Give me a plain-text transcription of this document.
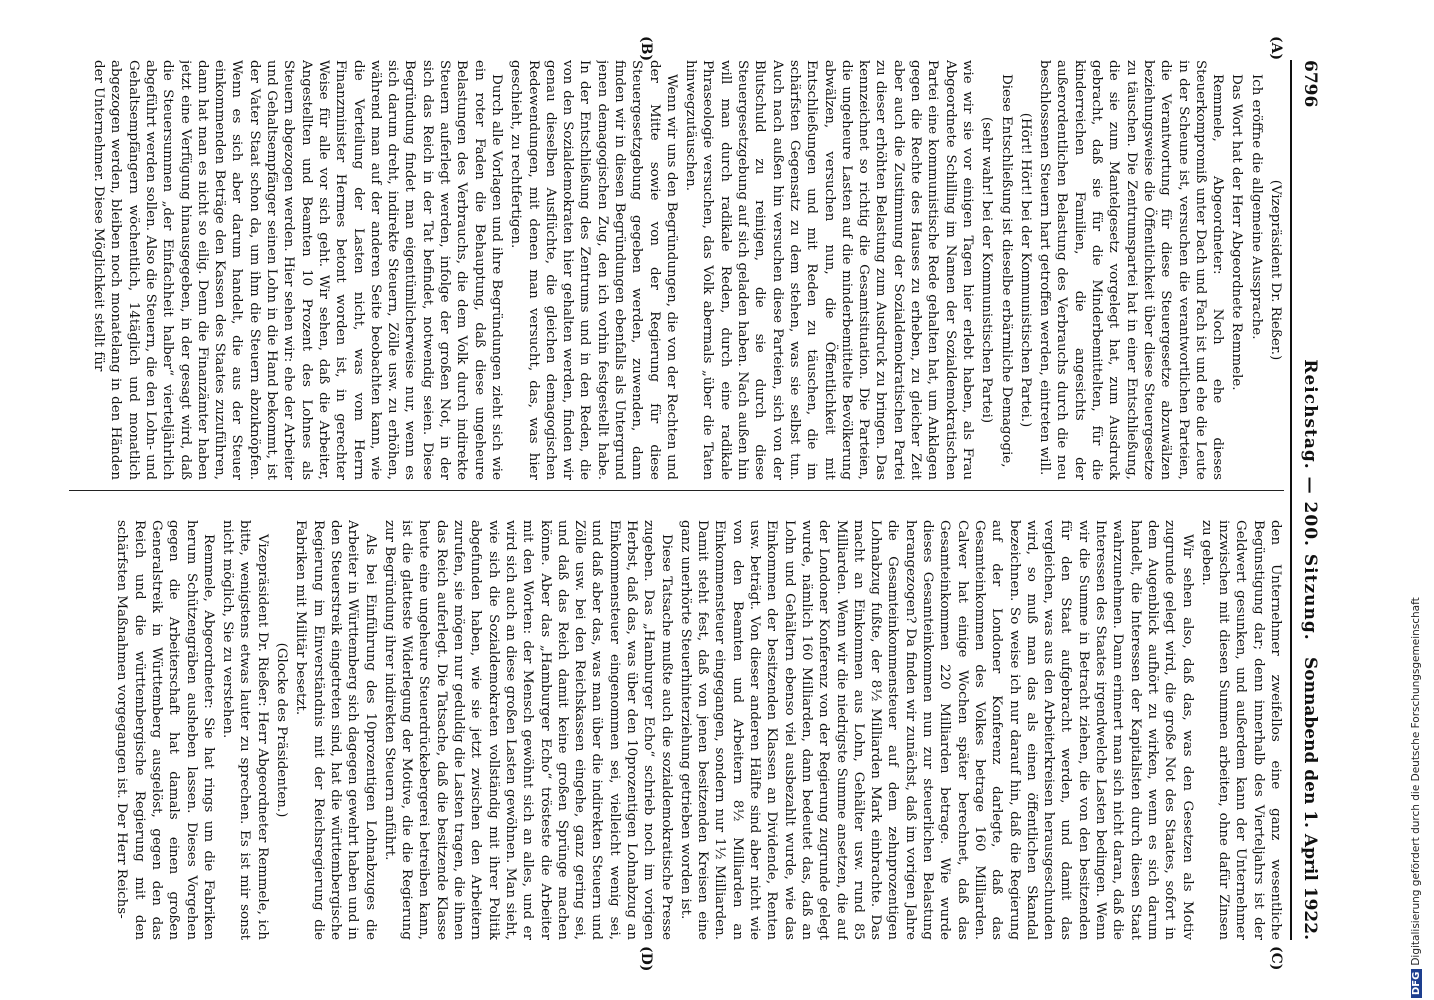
6796
Reichstag. — 200. Sitzung.
Sonnabend den 1. April 1922.
(A)
(B)
(C)
(D)

(Vizepräsident Dr. Rießer.)

Ich eröffne die allgemeine Aussprache.

Das Wort hat der Herr Abgeordnete Remmele.

Remmele, Abgeordneter: Noch ehe dieses Steuerkompromiß unter Dach und Fach ist und ehe die Leute in der Scheune ist, versuchen die verantwortlichen Parteien, die Verantwortung für diese Steuergesetze abzuwälzen beziehungsweise die Öffentlichkeit über diese Steuergesetze zu täuschen. Die Zentrumspartei hat in einer Entschließung, die sie zum Mantelgesetz vorgelegt hat, zum Ausdruck gebracht, daß sie für die Minderbemittelten, für die kinderreichen Familien, die angesichts der außerordentlichen Belastung des Verbrauchs durch die neu beschlossenen Steuern hart getroffen werden, eintreten will.

(Hört! Hört! bei der Kommunistischen Partei.)

Diese Entschließung ist dieselbe erbärmliche Demagogie,

(sehr wahr! bei der Kommunistischen Partei)

wie wir sie vor einigen Tagen hier erlebt haben, als Frau Abgeordnete Schilling im Namen der Sozialdemokratischen Partei eine kommunistische Rede gehalten hat, um Anklagen gegen die Rechte des Hauses zu erheben, zu gleicher Zeit aber auch die Zustimmung der Sozialdemokratischen Partei zu dieser erhöhten Belastung zum Ausdruck zu bringen. Das kennzeichnet so richtig die Gesamtsituation. Die Parteien, die ungeheure Lasten auf die minderbemittelte Bevölkerung abwälzen, versuchen nun, die Öffentlichkeit mit Entschließungen und mit Reden zu täuschen, die im schärfsten Gegensatz zu dem stehen, was sie selbst tun. Auch nach außen hin versuchen diese Parteien, sich von der Blutschuld zu reinigen, die sie durch diese Steuergesetzgebung auf sich geladen haben. Nach außen hin will man durch radikale Reden, durch eine radikale Phraseologie versuchen, das Volk abermals „über die Taten hinwegzutäuschen.

Wenn wir uns den Begründungen, die von der Rechten und der Mitte sowie von der Regierung für diese Steuergesetzgebung gegeben werden, zuwenden, dann finden wir in diesen Begründungen ebenfalls als Untergrund jenen demagogischen Zug, den ich vorhin festgestellt habe. In der Entschließung des Zentrums und in den Reden, die von den Sozialdemokraten hier gehalten werden, finden wir genau dieselben Ausflüchte, die gleichen demagogischen Redewendungen, mit denen man versucht, das, was hier geschieht, zu rechtfertigen.

Durch alle Vorlagen und ihre Begründungen zieht sich wie ein roter Faden die Behauptung, daß diese ungeheure Belastungen des Verbrauchs, die dem Volk durch indirekte Steuern auferlegt werden, infolge der großen Not, in der sich das Reich in der Tat befindet, notwendig seien. Diese Begründung findet man eigentümlicherweise nur, wenn es sich darum dreht, indirekte Steuern, Zölle usw. zu erhöhen, während man auf der anderen Seite beobachten kann, wie die Verteilung der Lasten nicht, was vom Herrn Finanzminister Hermes betont worden ist, in gerechter Weise für alle vor sich geht. Wir sehen, daß die Arbeiter, Angestellten und Beamten 10 Prozent des Lohnes als Steuern abgezogen werden. Hier sehen wir: ehe der Arbeiter und Gehaltsempfänger seinen Lohn in die Hand bekommt, ist der Vater Staat schon da, um ihm die Steuern abzuknöpfen. Wenn es sich aber darum handelt, die aus der Steuer einkommenden Beträge den Kassen des Staates zuzuführen, dann hat man es nicht so eilig. Denn die Finanzämter haben jetzt eine Verfügung hinausgegeben, in der gesagt wird, daß die Steuersummen „der Einfachheit halber“ vierteljährlich abgeführt werden sollen. Also die Steuern, die den Lohn- und Gehaltsempfängern wöchentlich, 14täglich und monatlich abgezogen werden, bleiben noch monatelang in den Händen der Unternehmer. Diese Möglichkeit stellt für

den Unternehmer zweifellos eine ganz wesentliche Begünstigung dar; denn innerhalb des Vierteljahrs ist der Geldwert gesunken, und außerdem kann der Unternehmer inzwischen mit diesen Summen arbeiten, ohne dafür Zinsen zu geben.

Wir sehen also, daß das, was den Gesetzen als Motiv zugrunde gelegt wird, die große Not des Staates, sofort in dem Augenblick aufhört zu wirken, wenn es sich darum handelt, die Interessen der Kapitalisten durch diesen Staat wahrzunehmen. Dann erinnert man sich nicht daran, daß die Interessen des Staates irgendwelche Lasten bedingen. Wenn wir die Summe in Betracht ziehen, die von den besitzenden für den Staat aufgebracht werden, und damit das vergleichen, was aus den Arbeiterkreisen herausgeschunden wird, so muß man das als einen öffentlichen Skandal bezeichnen. So weise ich nur darauf hin, daß die Regierung auf der Londoner Konferenz darlegte, daß das Gesamteinkommen des Volkes betrage 160 Milliarden. Calwer hat einige Wochen später berechnet, daß das Gesamteinkommen 220 Milliarden betrage. Wie wurde dieses Gesamteinkommen nun zur steuerlichen Belastung herangezogen? Da finden wir zunächst, daß im vorigen Jahre die Gesamteinkommensteuer auf dem zehnprozentigen Lohnabzug fußte, der 8½ Milliarden Mark einbrachte. Das macht an Einkommen aus Lohn, Gehälter usw. rund 85 Milliarden. Wenn wir die niedrigste Summe ansetzen, die auf der Londoner Konferenz von der Regierung zugrunde gelegt wurde, nämlich 160 Milliarden, dann bedeutet das, daß an Lohn und Gehältern ebenso viel ausbezahlt wurde, wie das Einkommen der besitzenden Klassen an Dividende, Renten usw. beträgt. Von dieser anderen Hälfte sind aber nicht wie von den Beamten und Arbeitern 8½ Milliarden an Einkommensteuer eingegangen, sondern nur 1½ Milliarden. Damit steht fest, daß von jenen besitzenden Kreisen eine ganz unerhörte Steuerhinterziehung getrieben worden ist.

Diese Tatsache mußte auch die sozialdemokratische Presse zugeben. Das „Hamburger Echo“ schrieb noch im vorigen Herbst, daß das, was über den 10prozentigen Lohnabzug an Einkommensteuer eingenommen sei, vielleicht wenig sei, und daß aber das, was man über die indirekten Steuern und Zölle usw. bei den Reichskassen eingehe, ganz gering sei, und daß das Reich damit keine großen Sprünge machen könne. Aber das „Hamburger Echo“ trösteste die Arbeiter mit den Worten: der Mensch gewöhnt sich an alles, und er wird sich auch an diese großen Lasten gewöhnen. Man sieht, wie sich die Sozialdemokraten vollständig mit ihrer Politik abgefunden haben, wie sie jetzt zwischen den Arbeitern zurufen, sie mögen nur geduldig die Lasten tragen, die ihnen das Reich auferlegt. Die Tatsache, daß die besitzende Klasse heute eine ungeheure Steuerdrückebergerei betreiben kann, ist die glatteste Widerlegung der Motive, die die Regierung zur Begründung ihrer indirekten Steuern anführt.

Als bei Einführung des 10prozentigen Lohnabzuges die Arbeiter in Württemberg sich dagegen gewehrt haben und in den Steuerstreik eingetreten sind, hat die württembergische Regierung im Einverständnis mit der Reichsregierung die Fabriken mit Militär besetzt.

(Glocke des Präsidenten.)

Vizepräsident Dr. Rießer: Herr Abgeordneter Remmele, ich bitte, wenigstens etwas lauter zu sprechen. Es ist mir sonst nicht möglich, Sie zu verstehen.

Remmele, Abgeordneter: Sie hat rings um die Fabriken herum Schützengräben ausheben lassen. Dieses Vorgehen gegen die Arbeiterschaft hat damals einen großen Generalstreik in Württemberg ausgelöst, gegen den das Reich und die württembergische Regierung mit den schärfsten Maßnahmen vorgegangen ist. Der Herr Reichs-

DFGDigitalisierung gefördert durch die Deutsche Forschungsgemeinschaft
